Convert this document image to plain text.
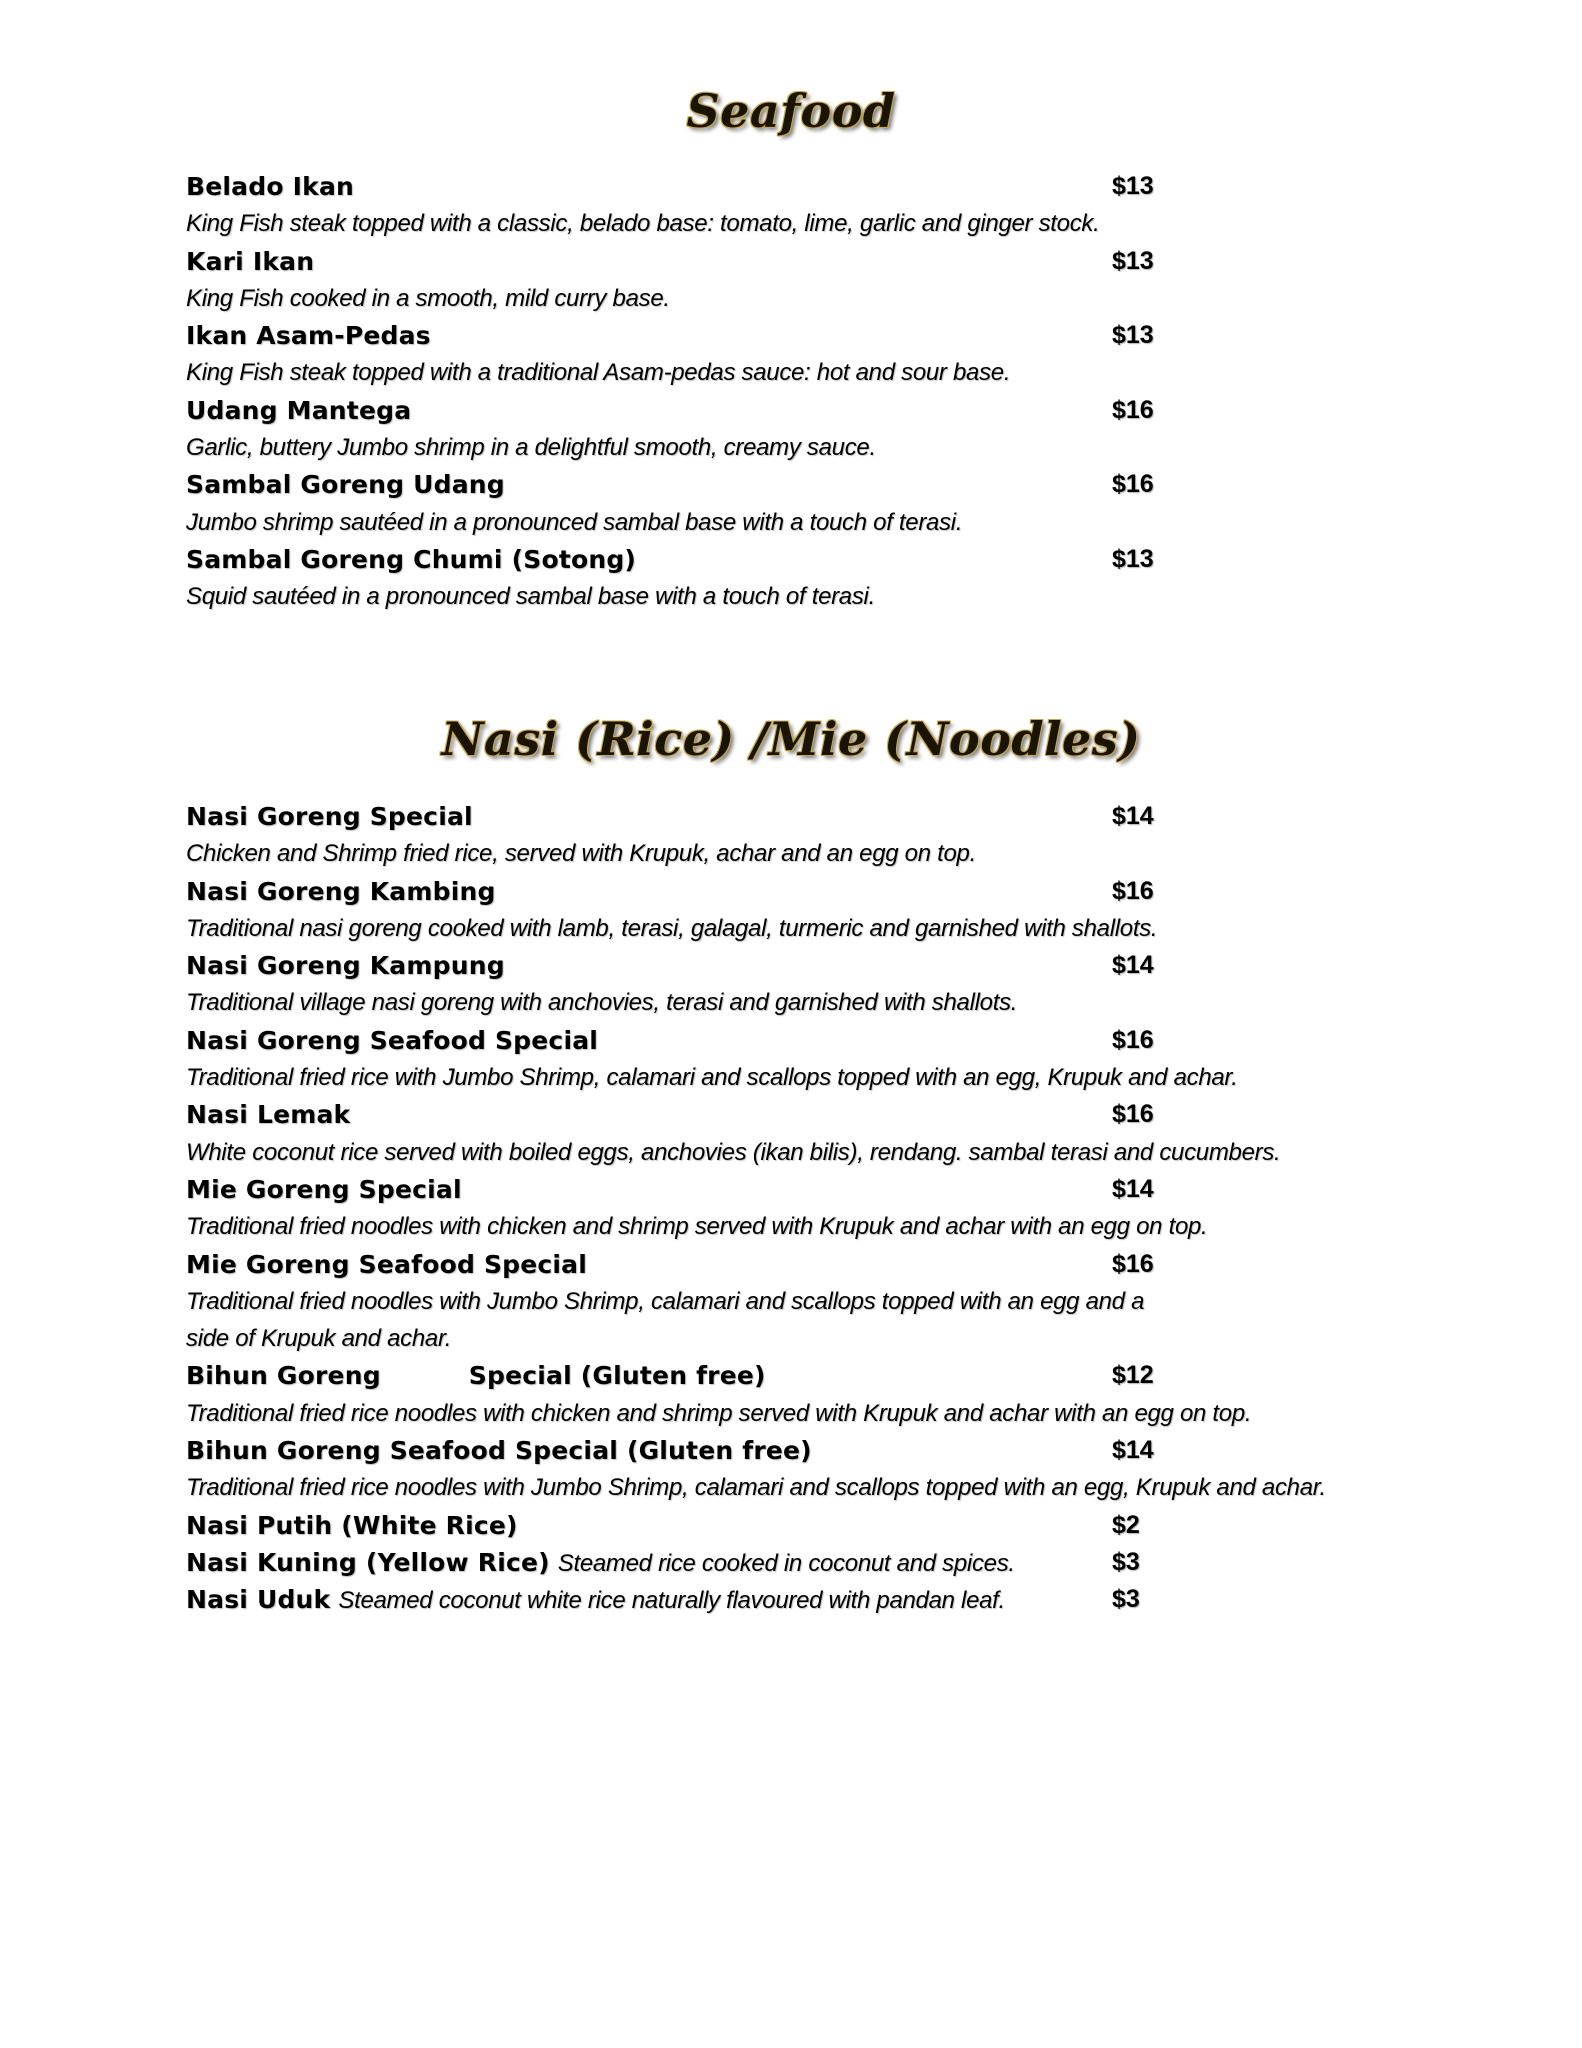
Seafood
Belado Ikan	$13
King Fish steak topped with a classic, belado base: tomato, lime, garlic and ginger stock.
Kari Ikan	$13
King Fish cooked in a smooth, mild curry base.
Ikan Asam-Pedas	$13
King Fish steak topped with a traditional Asam-pedas sauce: hot and sour base.
Udang Mantega	$16
Garlic, buttery Jumbo shrimp in a delightful smooth, creamy sauce.
Sambal Goreng Udang	$16
Jumbo shrimp sautéed in a pronounced sambal base with a touch of terasi.
Sambal Goreng Chumi (Sotong)	$13
Squid sautéed in a pronounced sambal base with a touch of terasi.
Nasi (Rice) /Mie (Noodles)
Nasi Goreng Special	$14
Chicken and Shrimp fried rice, served with Krupuk, achar and an egg on top.
Nasi Goreng Kambing	$16
Traditional nasi goreng cooked with lamb, terasi, galagal, turmeric and garnished with shallots.
Nasi Goreng Kampung	$14
Traditional village nasi goreng with anchovies, terasi and garnished with shallots.
Nasi Goreng Seafood Special	$16
Traditional fried rice with Jumbo Shrimp, calamari and scallops topped with an egg, Krupuk and achar.
Nasi Lemak	$16
White coconut rice served with boiled eggs, anchovies (ikan bilis), rendang. sambal terasi and cucumbers.
Mie Goreng Special	$14
Traditional fried noodles with chicken and shrimp served with Krupuk and achar with an egg on top.
Mie Goreng Seafood Special	$16
Traditional fried noodles with Jumbo Shrimp, calamari and scallops topped with an egg and a
side of Krupuk and achar.
Bihun Goreng	Special (Gluten free)	$12
Traditional fried rice noodles with chicken and shrimp served with Krupuk and achar with an egg on top.
Bihun Goreng Seafood Special (Gluten free)	$14
Traditional fried rice noodles with Jumbo Shrimp, calamari and scallops topped with an egg, Krupuk and achar.
Nasi Putih (White Rice)	$2
Nasi Kuning (Yellow Rice) Steamed rice cooked in coconut and spices.	$3
Nasi Uduk Steamed coconut white rice naturally flavoured with pandan leaf.	$3
